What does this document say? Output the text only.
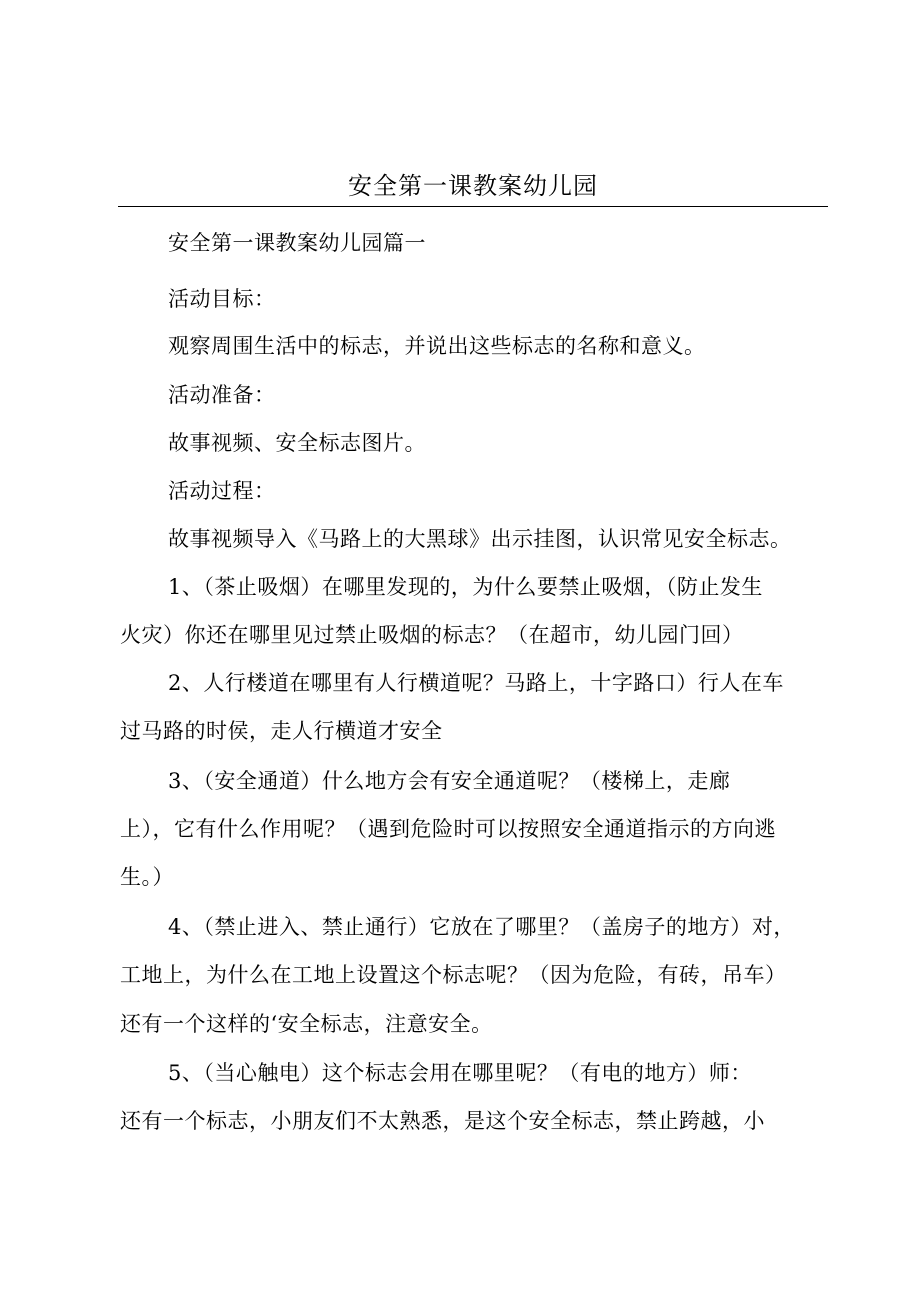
安全第一课教案幼儿园
安全第一课教案幼儿园篇一
活动目标：
观察周围生活中的标志，并说出这些标志的名称和意义。
活动准备：
故事视频、安全标志图片。
活动过程：
故事视频导入《马路上的大黑球》出示挂图，认识常见安全标志。
1、（茶止吸烟）在哪里发现的，为什么要禁止吸烟，（防止发生
火灾）你还在哪里见过禁止吸烟的标志？（在超市，幼儿园门回）
2、人行楼道在哪里有人行横道呢？马路上，十字路口）行人在车
过马路的时侯，走人行横道才安全
3、（安全通道）什么地方会有安全通道呢？（楼梯上，走廊
上），它有什么作用呢？（遇到危险时可以按照安全通道指示的方向逃
生。）
4、（禁止进入、禁止通行）它放在了哪里？（盖房子的地方）对，
工地上，为什么在工地上设置这个标志呢？（因为危险，有砖，吊车）
还有一个这样的‘安全标志，注意安全。
5、（当心触电）这个标志会用在哪里呢？（有电的地方）师：
还有一个标志，小朋友们不太熟悉，是这个安全标志，禁止跨越，小
